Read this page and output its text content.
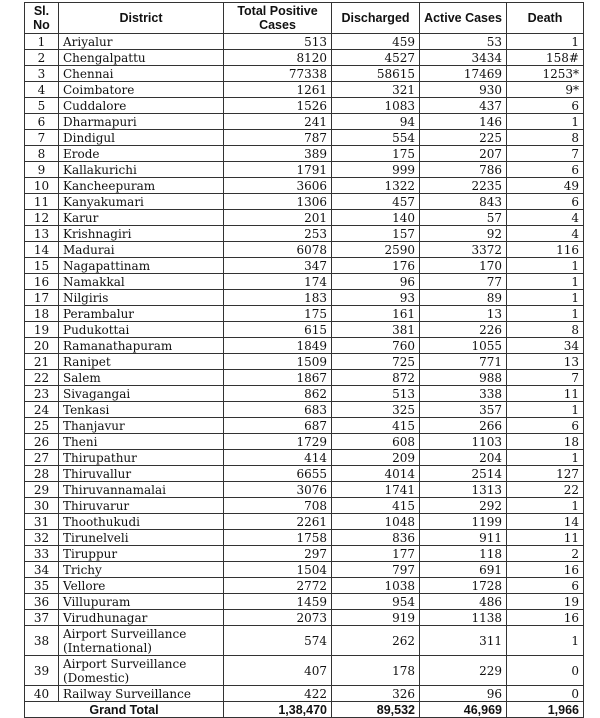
Sl. No	District	Total Positive Cases	Discharged	Active Cases	Death
1	Ariyalur	513	459	53	1
2	Chengalpattu	8120	4527	3434	158#
3	Chennai	77338	58615	17469	1253*
4	Coimbatore	1261	321	930	9*
5	Cuddalore	1526	1083	437	6
6	Dharmapuri	241	94	146	1
7	Dindigul	787	554	225	8
8	Erode	389	175	207	7
9	Kallakurichi	1791	999	786	6
10	Kancheepuram	3606	1322	2235	49
11	Kanyakumari	1306	457	843	6
12	Karur	201	140	57	4
13	Krishnagiri	253	157	92	4
14	Madurai	6078	2590	3372	116
15	Nagapattinam	347	176	170	1
16	Namakkal	174	96	77	1
17	Nilgiris	183	93	89	1
18	Perambalur	175	161	13	1
19	Pudukottai	615	381	226	8
20	Ramanathapuram	1849	760	1055	34
21	Ranipet	1509	725	771	13
22	Salem	1867	872	988	7
23	Sivagangai	862	513	338	11
24	Tenkasi	683	325	357	1
25	Thanjavur	687	415	266	6
26	Theni	1729	608	1103	18
27	Thirupathur	414	209	204	1
28	Thiruvallur	6655	4014	2514	127
29	Thiruvannamalai	3076	1741	1313	22
30	Thiruvarur	708	415	292	1
31	Thoothukudi	2261	1048	1199	14
32	Tirunelveli	1758	836	911	11
33	Tiruppur	297	177	118	2
34	Trichy	1504	797	691	16
35	Vellore	2772	1038	1728	6
36	Villupuram	1459	954	486	19
37	Virudhunagar	2073	919	1138	16
38	Airport Surveillance (International)	574	262	311	1
39	Airport Surveillance (Domestic)	407	178	229	0
40	Railway Surveillance	422	326	96	0
Grand Total		1,38,470	89,532	46,969	1,966
